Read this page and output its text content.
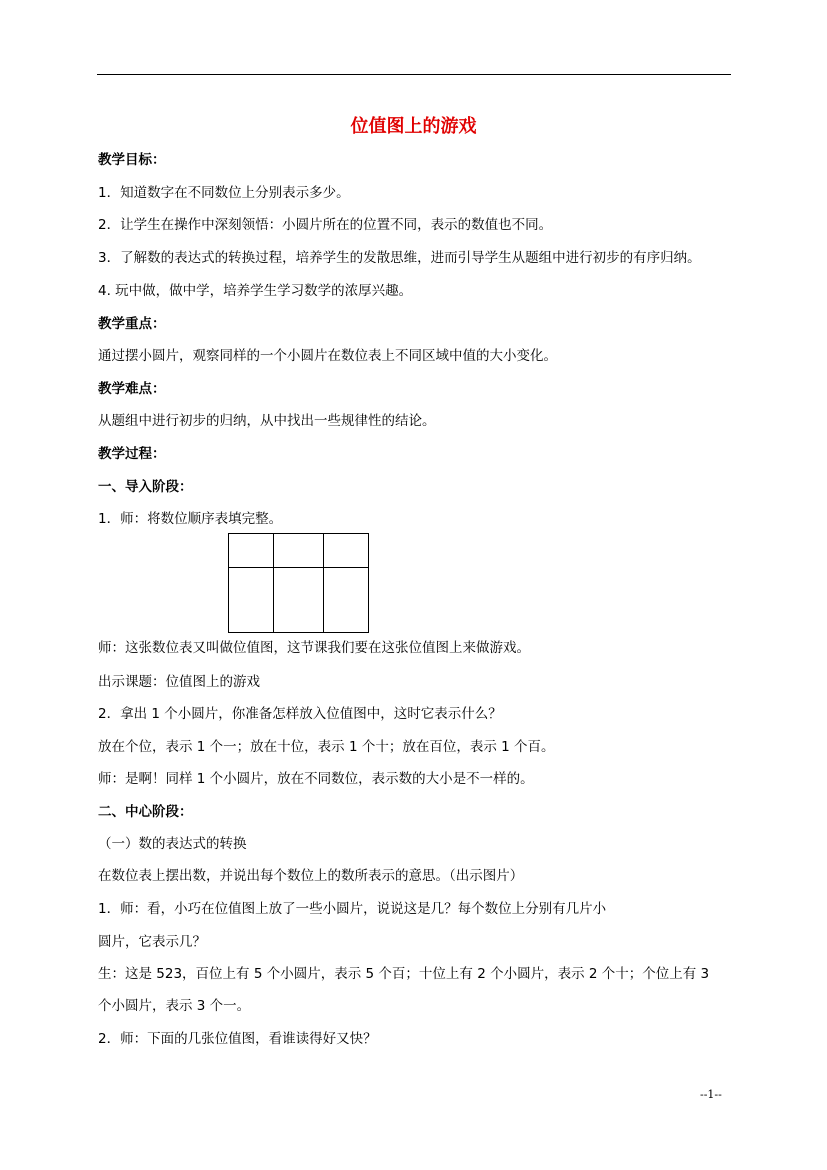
位值图上的游戏
教学目标：
1．知道数字在不同数位上分别表示多少。
2．让学生在操作中深刻领悟：小圆片所在的位置不同，表示的数值也不同。
3．了解数的表达式的转换过程，培养学生的发散思维，进而引导学生从题组中进行初步的有序归纳。
4. 玩中做，做中学，培养学生学习数学的浓厚兴趣。
教学重点：
通过摆小圆片，观察同样的一个小圆片在数位表上不同区域中值的大小变化。
教学难点：
从题组中进行初步的归纳，从中找出一些规律性的结论。
教学过程：
一、导入阶段：
1．师：将数位顺序表填完整。

师：这张数位表又叫做位值图，这节课我们要在这张位值图上来做游戏。
出示课题：位值图上的游戏
2．拿出 1 个小圆片，你准备怎样放入位值图中，这时它表示什么？
放在个位，表示 1 个一；放在十位，表示 1 个十；放在百位，表示 1 个百。
师：是啊！同样 1 个小圆片，放在不同数位，表示数的大小是不一样的。
二、中心阶段：
（一）数的表达式的转换
在数位表上摆出数，并说出每个数位上的数所表示的意思。（出示图片）
1．师：看，小巧在位值图上放了一些小圆片，说说这是几？每个数位上分别有几片小
圆片，它表示几？
生：这是 523，百位上有 5 个小圆片，表示 5 个百；十位上有 2 个小圆片，表示 2 个十；个位上有 3
个小圆片，表示 3 个一。
2．师：下面的几张位值图，看谁读得好又快？
--1--
